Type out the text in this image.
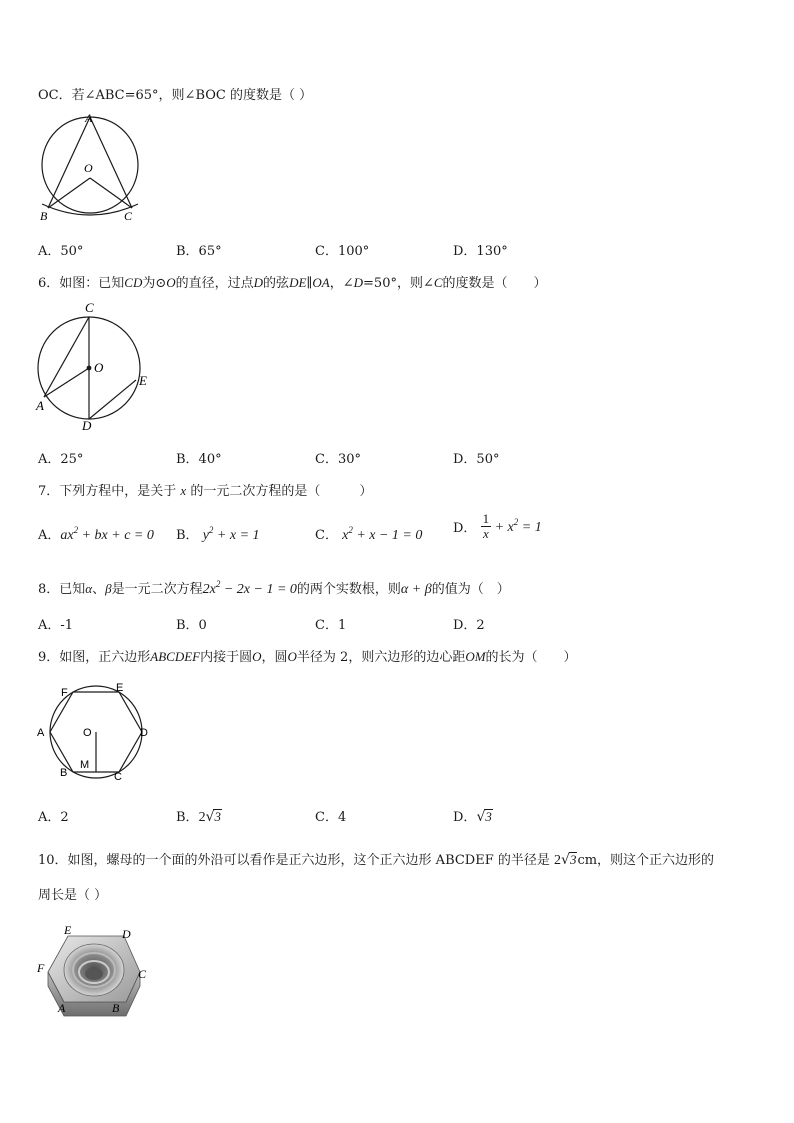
OC．若∠ABC=65°，则∠BOC 的度数是（ ）
A
O
B	C
A．50°	B．65°	C．100°	D．130°
6．如图：已知CD为⊙O的直径，过点D的弦DE∥OA，∠D=50°，则∠C的度数是（　　）
C
O
E
A
D
A．25°	B．40°	C．30°	D．50°
7．下列方程中，是关于 x 的一元二次方程的是（　　　）
A．$ax^2$ + bx + c = 0 B． $y^2 + x = 1$	C． $x^2 + x - 1 = 0$ D． $\frac{1}{x} + x^2 = 1$
8．已知α、β是一元二次方程$2x^2 - 2x - 1 = 0$的两个实数根，则α + β的值为（　）
A．-1	B．0	C．1	D．2
9．如图，正六边形ABCDEF内接于圆O，圆O半径为 2，则六边形的边心距OM的长为（　　）
A
B	C
D
E
F
O
M
A．2	B．2√3	C．4	D．√3
10．如图，螺母的一个面的外沿可以看作是正六边形，这个正六边形 ABCDEF 的半径是 2√3cm，则这个正六边形的
周长是（ ）
E	D
F	C
A	B
